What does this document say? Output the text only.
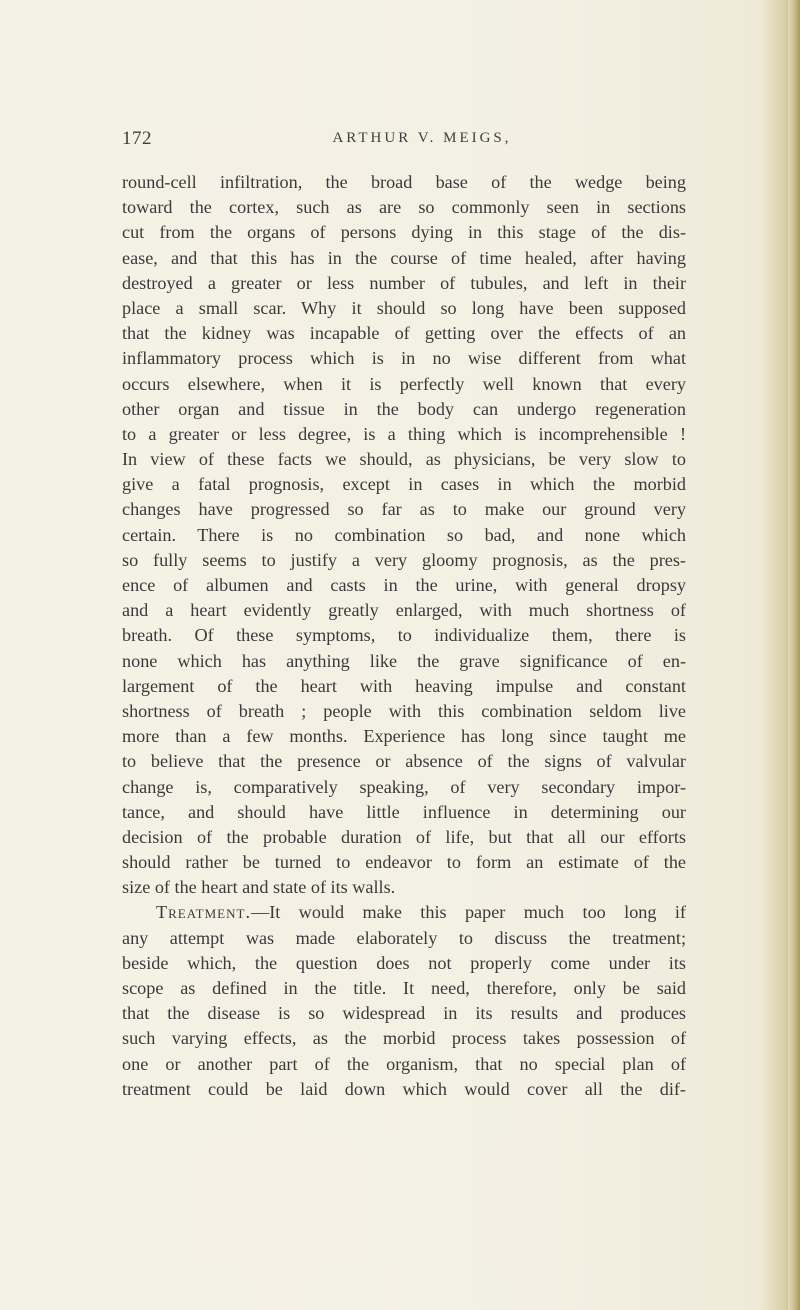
172	ARTHUR V. MEIGS,
round-cell infiltration, the broad base of the wedge being
toward the cortex, such as are so commonly seen in sections
cut from the organs of persons dying in this stage of the dis-
ease, and that this has in the course of time healed, after having
destroyed a greater or less number of tubules, and left in their
place a small scar. Why it should so long have been supposed
that the kidney was incapable of getting over the effects of an
inflammatory process which is in no wise different from what
occurs elsewhere, when it is perfectly well known that every
other organ and tissue in the body can undergo regeneration
to a greater or less degree, is a thing which is incomprehensible !
In view of these facts we should, as physicians, be very slow to
give a fatal prognosis, except in cases in which the morbid
changes have progressed so far as to make our ground very
certain. There is no combination so bad, and none which
so fully seems to justify a very gloomy prognosis, as the pres-
ence of albumen and casts in the urine, with general dropsy
and a heart evidently greatly enlarged, with much shortness of
breath. Of these symptoms, to individualize them, there is
none which has anything like the grave significance of en-
largement of the heart with heaving impulse and constant
shortness of breath ; people with this combination seldom live
more than a few months. Experience has long since taught me
to believe that the presence or absence of the signs of valvular
change is, comparatively speaking, of very secondary impor-
tance, and should have little influence in determining our
decision of the probable duration of life, but that all our efforts
should rather be turned to endeavor to form an estimate of the
size of the heart and state of its walls.
Treatment.—It would make this paper much too long if
any attempt was made elaborately to discuss the treatment;
beside which, the question does not properly come under its
scope as defined in the title. It need, therefore, only be said
that the disease is so widespread in its results and produces
such varying effects, as the morbid process takes possession of
one or another part of the organism, that no special plan of
treatment could be laid down which would cover all the dif-
